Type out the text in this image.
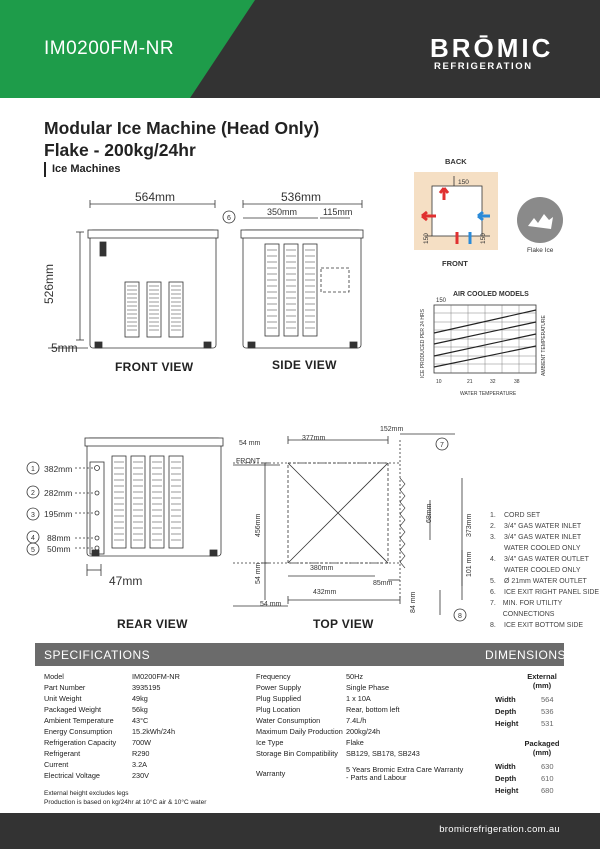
IM0200FM-NR	BRŌMIC
REFRIGERATION
Modular Ice Machine (Head Only)
Flake - 200kg/24hr
Ice Machines
6
1
2
3
4
5
7
8
150
10	21	32	38
564mm	536mm
350mm	115mm
526mm
5mm
FRONT VIEW	SIDE VIEW
BACK
FRONT
150
150	150
Flake Ice
AIR COOLED MODELS
ICE PRODUCED PER 24 HRS	AMBIENT TEMPERATURE
WATER TEMPERATURE
382mm
282mm
195mm
88mm
50mm
47mm
REAR VIEW
54 mm
377mm
152mm
FRONT
456mm
68mm
373mm
101 mm
380mm
54 mm	85mm
432mm
54 mm	84 mm
TOP VIEW
1.	CORD SET
2.	3/4" GAS WATER INLET
3.	3/4" GAS WATER INLET
WATER COOLED ONLY
4.	3/4" GAS WATER OUTLET
WATER COOLED ONLY
5.	Ø 21mm WATER OUTLET
6.	ICE EXIT RIGHT PANEL SIDE
7. MIN. FOR UTILITY CONNECTIONS
8.	ICE EXIT BOTTOM SIDE
SPECIFICATIONS	DIMENSIONS
Model	IM0200FM-NR
Part Number	3935195
Unit Weight	49kg
Packaged Weight	56kg
Ambient Temperature	43°C
Energy Consumption	15.2kWh/24h
Refrigeration Capacity 700W
Refrigerant	R290
Current	3.2A
Electrical Voltage	230V
Frequency	50Hz
Power Supply	Single Phase
Plug Supplied	1 x 10A
Plug Location	Rear, bottom left
Water Consumption	7.4L/h
Maximum Daily Production 200kg/24h
Ice Type	Flake
Storage Bin Compatibility SB129, SB178, SB243
Warranty	5 Years Bromic Extra Care Warranty
- Parts and Labour
External
(mm)
Width	564
Depth	536
Height	531
Packaged
(mm)
Width	630
Depth	610
Height	680
External height excludes legs
Production is based on kg/24hr at 10°C air & 10°C water
bromicrefrigeration.com.au
